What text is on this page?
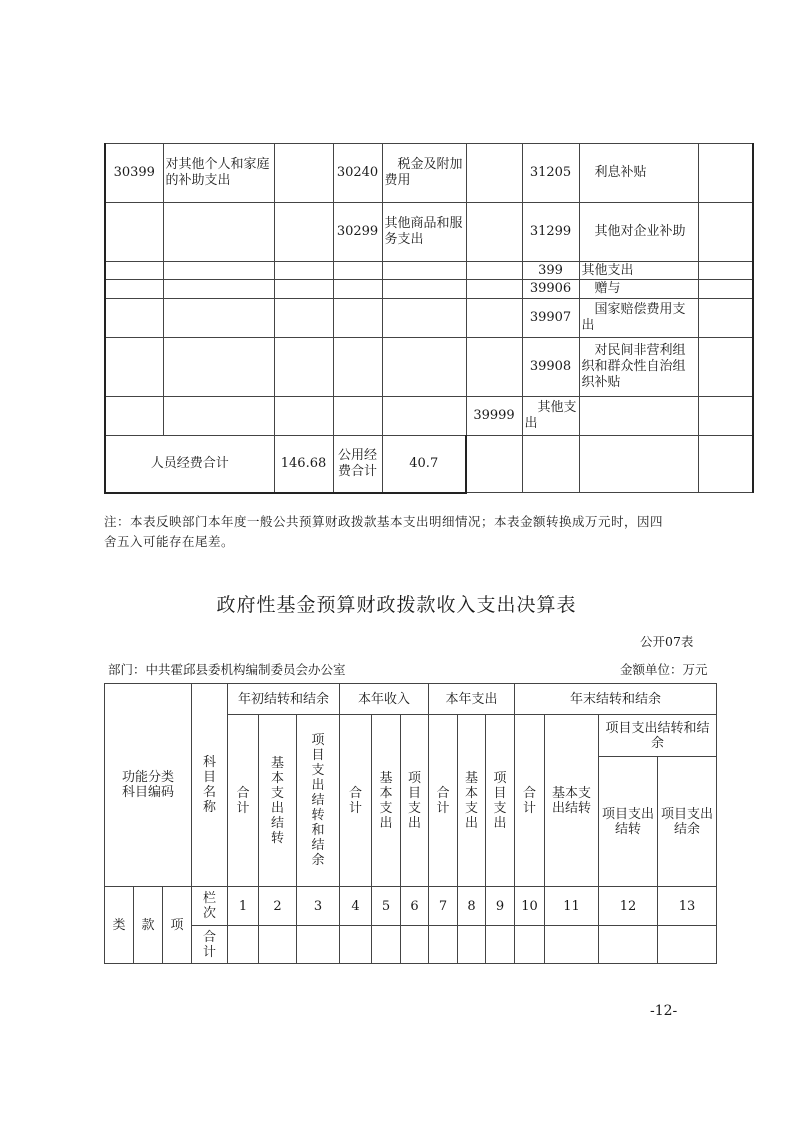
30399	对其他个人和家庭的补助支出		30240	税金及附加费用		31205	利息补贴	
			30299	其他商品和服务支出		31299	其他对企业补助	
						399	其他支出	
						39906	赠与	
						39907	国家赔偿费用支出	
						39908	对民间非营利组织和群众性自治组织补贴	
					39999	其他支出		
人员经费合计		146.68	公用经费合计	40.7				
注：本表反映部门本年度一般公共预算财政拨款基本支出明细情况；本表金额转换成万元时，因四舍五入可能存在尾差。
政府性基金预算财政拨款收入支出决算表
公开07表
部门：中共霍邱县委机构编制委员会办公室	金额单位：万元
功能分类科目编码			科目名称	年初结转和结余			本年收入			本年支出			年末结转和结余			

				合计	基本支出结转	项目支出结转和结余	合计	基本支出	项目支出	合计	基本支出	项目支出	合计	基本支出结转	项目支出结转和结余	

															项目支出结转	项目支出结余

类	款	项	栏次	1	2	3	4	5	6	7	8	9	10	11	12	13

			合计													

-12-
